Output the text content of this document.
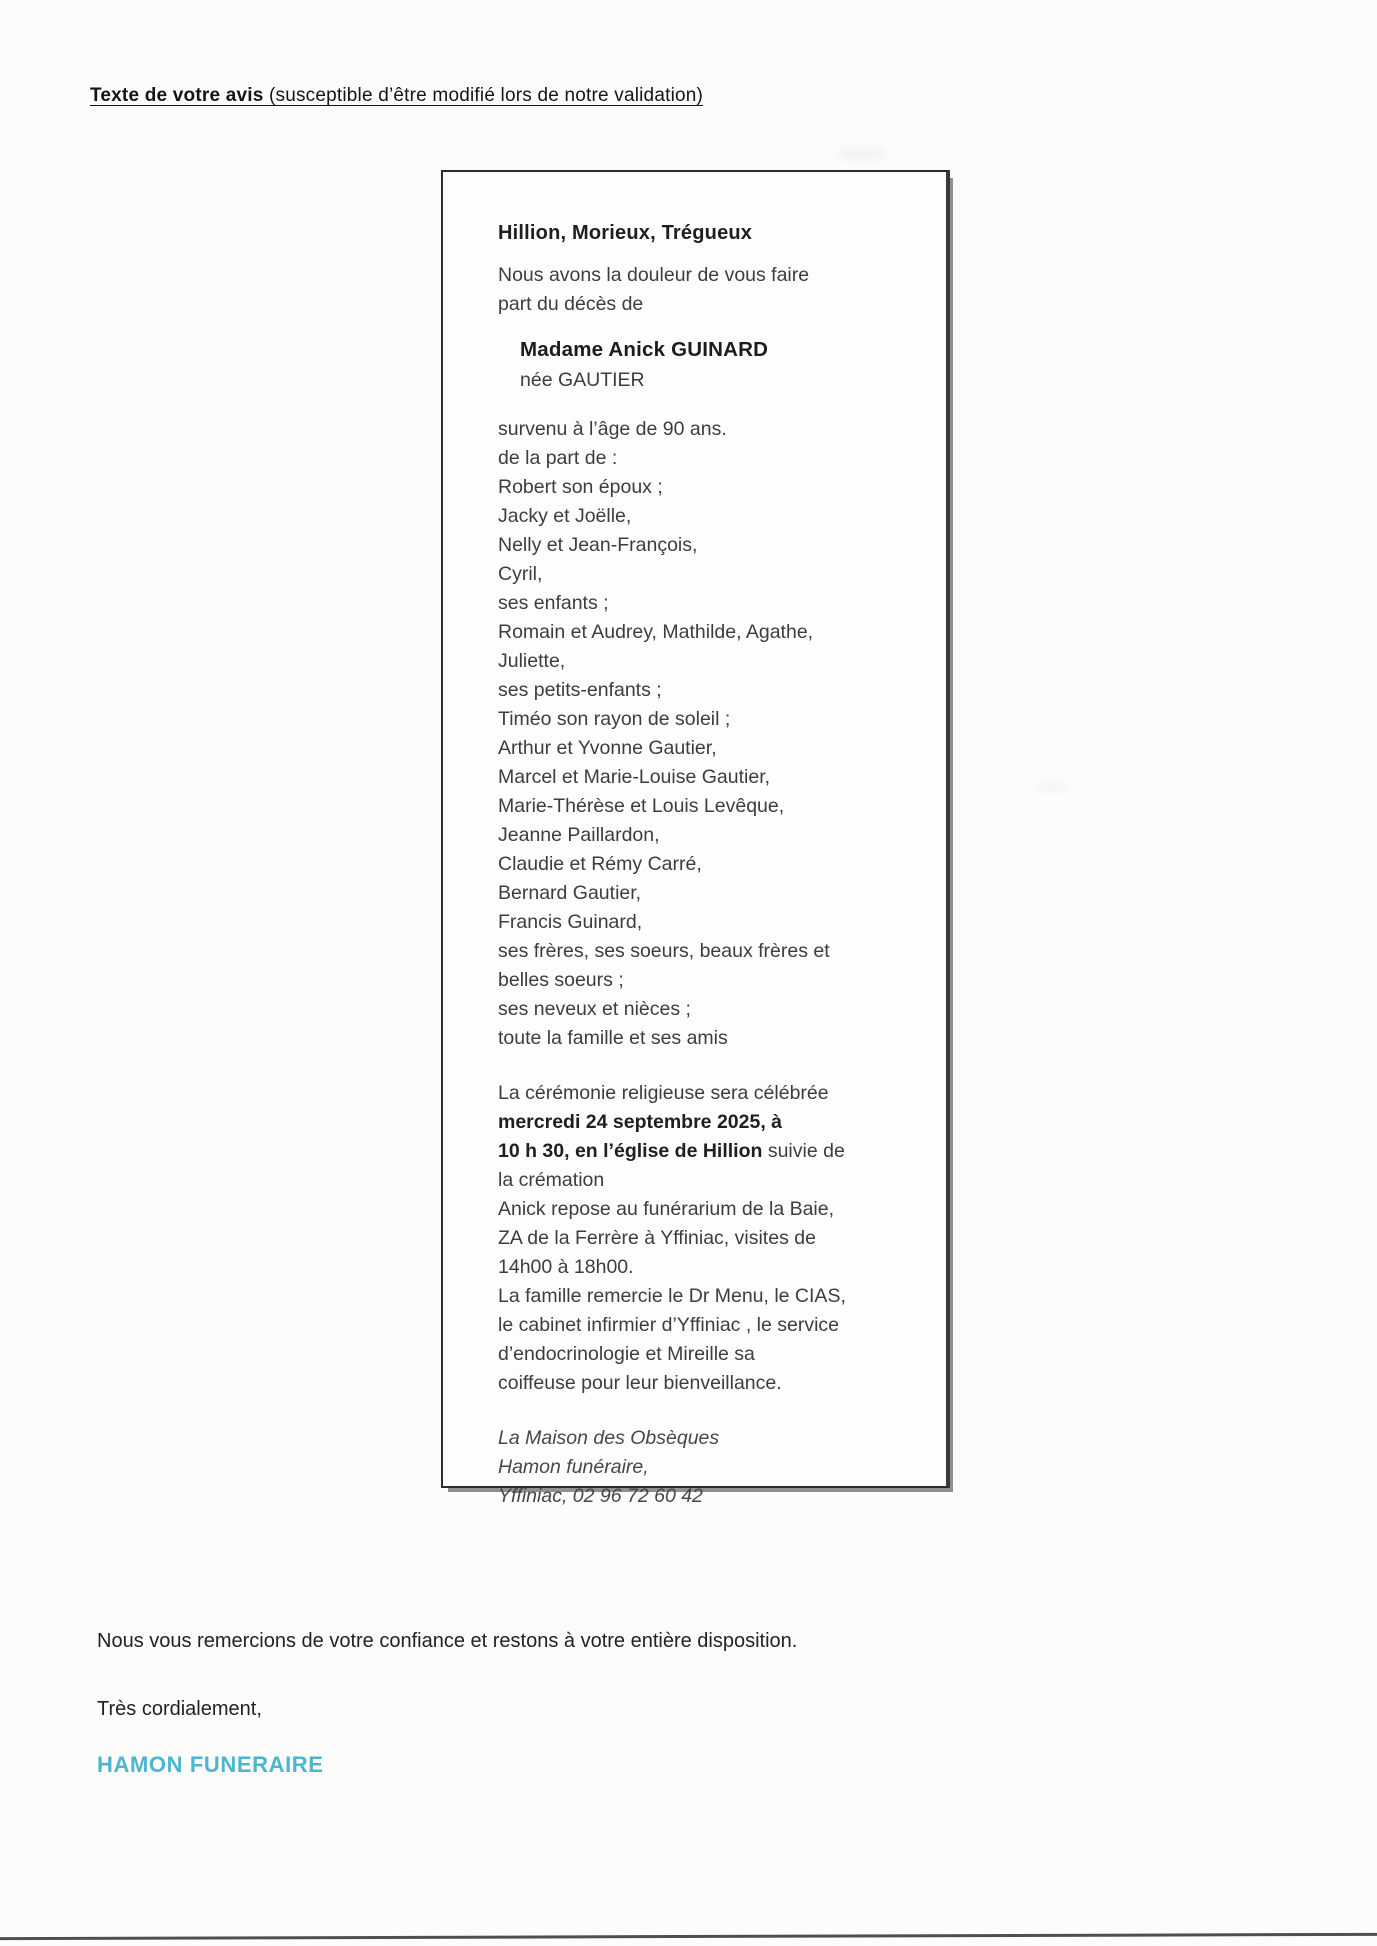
Texte de votre avis (susceptible d’être modifié lors de notre validation)
Hillion, Morieux, Trégueux
Nous avons la douleur de vous faire
part du décès de
Madame Anick GUINARD
née GAUTIER
survenu à l’âge de 90 ans.
de la part de :
Robert son époux ;
Jacky et Joëlle,
Nelly et Jean-François,
Cyril,
ses enfants ;
Romain et Audrey, Mathilde, Agathe,
Juliette,
ses petits-enfants ;
Timéo son rayon de soleil ;
Arthur et Yvonne Gautier,
Marcel et Marie-Louise Gautier,
Marie-Thérèse et Louis Levêque,
Jeanne Paillardon,
Claudie et Rémy Carré,
Bernard Gautier,
Francis Guinard,
ses frères, ses soeurs, beaux frères et
belles soeurs ;
ses neveux et nièces ;
toute la famille et ses amis
La cérémonie religieuse sera célébrée
mercredi 24 septembre 2025, à
10 h 30, en l’église de Hillion suivie de
la crémation
Anick repose au funérarium de la Baie,
ZA de la Ferrère à Yffiniac, visites de
14h00 à 18h00.
La famille remercie le Dr Menu, le CIAS,
le cabinet infirmier d’Yffiniac , le service
d’endocrinologie et Mireille sa
coiffeuse pour leur bienveillance.
La Maison des Obsèques
Hamon funéraire,
Yffiniac, 02 96 72 60 42
Nous vous remercions de votre confiance et restons à votre entière disposition.
Très cordialement,
HAMON FUNERAIRE
